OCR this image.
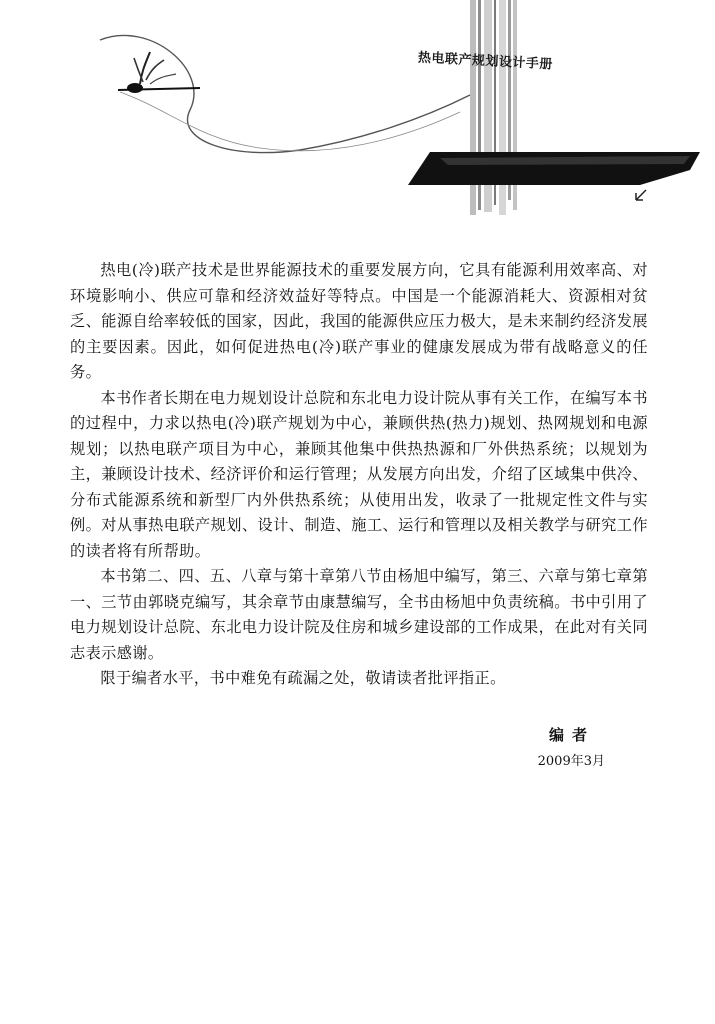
热电联产规划设计手册

热电(冷)联产技术是世界能源技术的重要发展方向，它具有能源利用效率高、对环境影响小、供应可靠和经济效益好等特点。中国是一个能源消耗大、资源相对贫乏、能源自给率较低的国家，因此，我国的能源供应压力极大，是未来制约经济发展的主要因素。因此，如何促进热电(冷)联产事业的健康发展成为带有战略意义的任务。

本书作者长期在电力规划设计总院和东北电力设计院从事有关工作，在编写本书的过程中，力求以热电(冷)联产规划为中心，兼顾供热(热力)规划、热网规划和电源规划；以热电联产项目为中心，兼顾其他集中供热热源和厂外供热系统；以规划为主，兼顾设计技术、经济评价和运行管理；从发展方向出发，介绍了区域集中供冷、分布式能源系统和新型厂内外供热系统；从使用出发，收录了一批规定性文件与实例。对从事热电联产规划、设计、制造、施工、运行和管理以及相关教学与研究工作的读者将有所帮助。

本书第二、四、五、八章与第十章第八节由杨旭中编写，第三、六章与第七章第一、三节由郭晓克编写，其余章节由康慧编写，全书由杨旭中负责统稿。书中引用了电力规划设计总院、东北电力设计院及住房和城乡建设部的工作成果，在此对有关同志表示感谢。

限于编者水平，书中难免有疏漏之处，敬请读者批评指正。

编者
2009年3月
